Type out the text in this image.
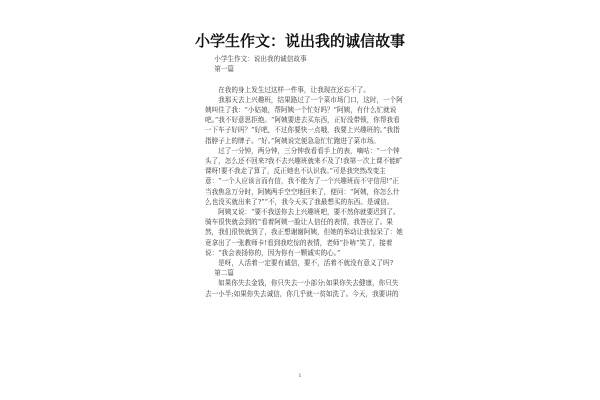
小学生作文：说出我的诚信故事

小学生作文：说出我的诚信故事

第一篇

　　在我的身上发生过这样一件事，让我现在还忘不了。

　　我那天去上兴趣班，结果路过了一个菜市场门口，这时，一个阿姨叫住了我：“小姑娘，帮阿姨一个忙好吗？”阿姨，有什么忙就说吧。”我不好意思拒绝。“阿姨要进去买东西，正好没带锁，你帮我看一下车子好吗？”好吧，不过你要快一点哦，我要上兴趣班的。”我指指脖子上的牌子。“好。”阿姨说完便急急忙忙跑进了菜市场。

　　过了一分钟，两分钟，三分钟我看看手上的表，嘀咕：“一个钟头了，怎么还不回来?我不去兴趣班就来不及了!我第一次上课不能旷课呀!要不我走了算了，反正她也不认识我。”可是我突然改变主意：“一个人应该言而有信，我不能为了一个兴趣班而不守信用!”正当我焦急万分时，阿姨两手空空地回来了，便问：“阿姨，你怎么什么也没买就出来了?”“不，我今天买了我最想买的东西。是诚信。

　　阿姨又说：“要不我送你去上兴趣班吧，要不然你就要迟到了。骑车很快就会到的”看着阿姨一脸让人信任的表情，我答应了。果然，我们很快就到了，我正想谢谢阿姨，但她的举动让我惊呆了：她竟拿出了一张教师卡!看到我吃惊的表情，老师“扑哧”笑了，接着说：“我会表扬你的，因为你有一颗诚实的心。”

　　是呀，人活着一定要有诚信，要不，活着不就没有意义了吗?

第二篇

　　如果你失去金钱，你只失去一小部分;如果你失去健康，你只失去一小半;如果你失去诚信，你几乎就一贫如洗了。今天，我要讲的

1
